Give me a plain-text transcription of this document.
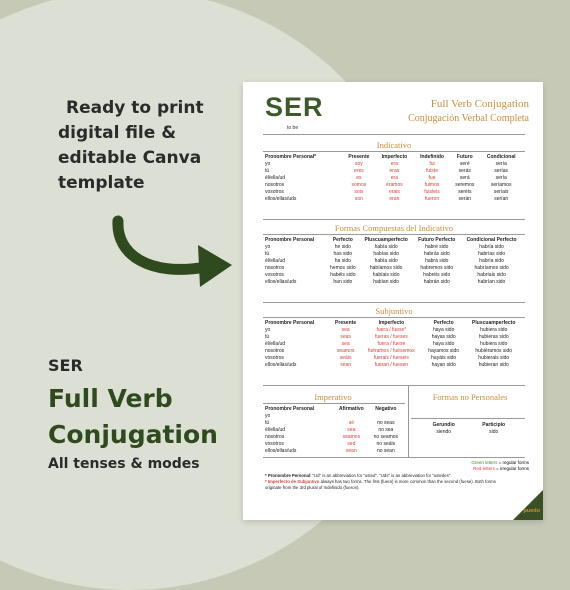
Ready to print
digital file &
editable Canva
template
SER
Full Verb
Conjugation
All tenses & modes
SER
to be
Full Verb Conjugation
Conjugación Verbal Completa
Indicativo
Pronombre Personal*	Presente	Imperfecto	Indefinido	Futuro	Condicional
yo	soy	era	fui	seré	sería
tú	eres	eras	fuiste	serás	serías
él/ella/ud	es	era	fue	será	sería
nosotros	somos	éramos	fuimos	seremos	seríamos
vosotros	sois	erais	fuisteis	seréis	seríais
ellos/ellas/uds	son	eran	fueron	serán	serían
Formas Compuestas del Indicativo
Pronombre Personal	Perfecto	Pluscuamperfecto	Futuro Perfecto	Condicional Perfecto
yo	he sido	había sido	habré sido	habría sido
tú	has sido	habías sido	habrás sido	habrías sido
él/ella/ud	ha sido	había sido	habrá sido	habría sido
nosotros	hemos sido	habíamos sido	habremos sido	habríamos sido
vosotros	habéis sido	habíais sido	habréis sido	habríais sido
ellos/ellas/uds	han sido	habían sido	habrán sido	habrían sido
Subjuntivo
Pronombre Personal	Presente	Imperfecto	Perfecto	Pluscuamperfecto
yo	sea	fuera / fuese*	haya sido	hubiera sido
tú	seas	fueras / fueses	hayas sido	hubieras sido
él/ella/ud	sea	fuera / fuese	haya sido	hubiera sido
nosotros	seamos	fuéramos / fuésemos	hayamos sido	hubiéramos sido
vosotros	seáis	fuerais / fueseis	hayáis sido	hubierais sido
ellos/ellas/uds	sean	fueran / fuesen	hayan sido	hubieran sido
Imperativo
Pronombre Personal	Afirmativo	Negativo
yo		
tú	sé	no seas
él/ella/ud	sea	no sea
nosotros	seamos	no seamos
vosotros	sed	no seáis
ellos/ellas/uds	sean	no sean
Formas no Personales
Gerundio	Participio
siendo	sido
Green letters = regular forms
Red letters = irregular forms
* Pronombre Personal: "Ud" is an abbreviation for "usted". "Uds" is an abbreviation for "ustedes".
* Imperfecto de Subjuntivo always has two forms. The first (fuera) is more common than the second (fuese). Both forms originate from the 3rd plural of Indefinido (fueron).
puedo
